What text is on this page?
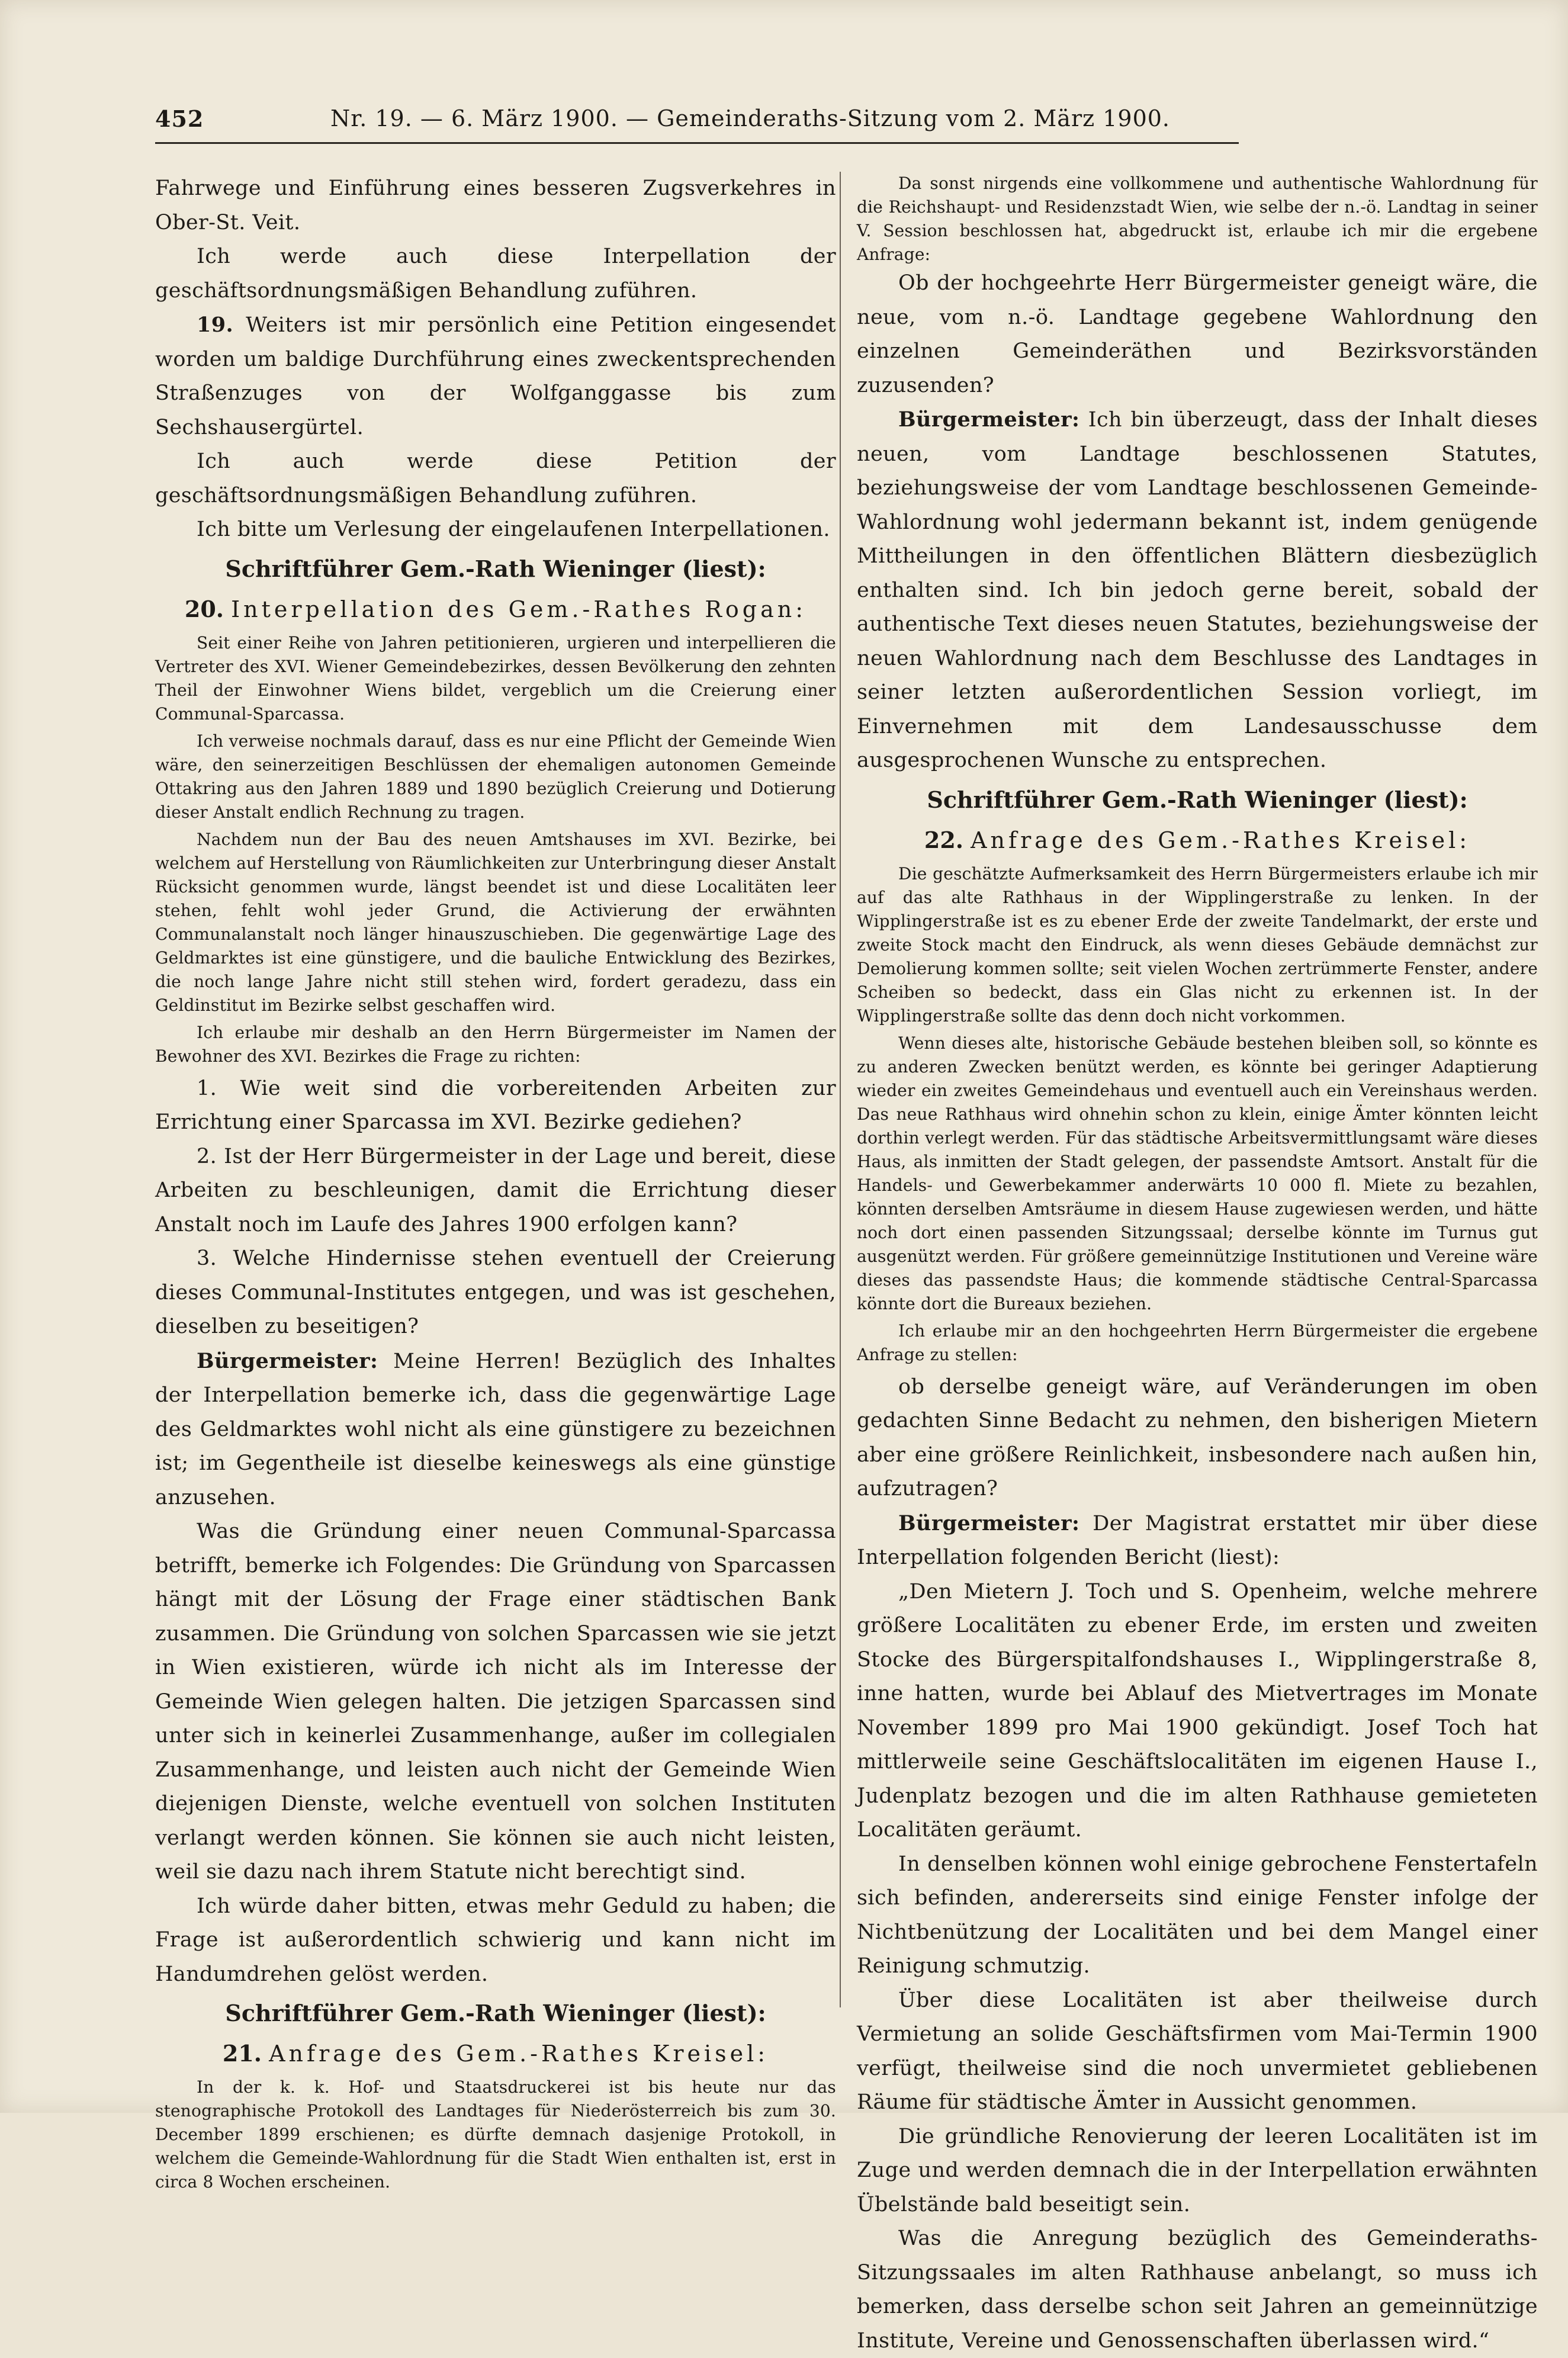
452	Nr. 19. — 6. März 1900. — Gemeinderaths-Sitzung vom 2. März 1900.

Fahrwege und Einführung eines besseren Zugsverkehres in Ober-St. Veit.

Ich werde auch diese Interpellation der geschäftsordnungsmäßigen Behandlung zuführen.

19. Weiters ist mir persönlich eine Petition eingesendet worden um baldige Durchführung eines zweckentsprechenden Straßenzuges von der Wolfganggasse bis zum Sechshausergürtel.

Ich auch werde diese Petition der geschäftsordnungsmäßigen Behandlung zuführen.

Ich bitte um Verlesung der eingelaufenen Interpellationen.

Schriftführer Gem.-Rath Wieninger (liest):
20. Interpellation des Gem.-Rathes Rogan:

Seit einer Reihe von Jahren petitionieren, urgieren und interpellieren die Vertreter des XVI. Wiener Gemeindebezirkes, dessen Bevölkerung den zehnten Theil der Einwohner Wiens bildet, vergeblich um die Creierung einer Communal-Sparcassa.

Ich verweise nochmals darauf, dass es nur eine Pflicht der Gemeinde Wien wäre, den seinerzeitigen Beschlüssen der ehemaligen autonomen Gemeinde Ottakring aus den Jahren 1889 und 1890 bezüglich Creierung und Dotierung dieser Anstalt endlich Rechnung zu tragen.

Nachdem nun der Bau des neuen Amtshauses im XVI. Bezirke, bei welchem auf Herstellung von Räumlichkeiten zur Unterbringung dieser Anstalt Rücksicht genommen wurde, längst beendet ist und diese Localitäten leer stehen, fehlt wohl jeder Grund, die Activierung der erwähnten Communalanstalt noch länger hinauszuschieben. Die gegenwärtige Lage des Geldmarktes ist eine günstigere, und die bauliche Entwicklung des Bezirkes, die noch lange Jahre nicht still stehen wird, fordert geradezu, dass ein Geldinstitut im Bezirke selbst geschaffen wird.

Ich erlaube mir deshalb an den Herrn Bürgermeister im Namen der Bewohner des XVI. Bezirkes die Frage zu richten:

1. Wie weit sind die vorbereitenden Arbeiten zur Errichtung einer Sparcassa im XVI. Bezirke gediehen?

2. Ist der Herr Bürgermeister in der Lage und bereit, diese Arbeiten zu beschleunigen, damit die Errichtung dieser Anstalt noch im Laufe des Jahres 1900 erfolgen kann?

3. Welche Hindernisse stehen eventuell der Creierung dieses Communal-Institutes entgegen, und was ist geschehen, dieselben zu beseitigen?

Bürgermeister: Meine Herren! Bezüglich des Inhaltes der Interpellation bemerke ich, dass die gegenwärtige Lage des Geldmarktes wohl nicht als eine günstigere zu bezeichnen ist; im Gegentheile ist dieselbe keineswegs als eine günstige anzusehen.

Was die Gründung einer neuen Communal-Sparcassa betrifft, bemerke ich Folgendes: Die Gründung von Sparcassen hängt mit der Lösung der Frage einer städtischen Bank zusammen. Die Gründung von solchen Sparcassen wie sie jetzt in Wien existieren, würde ich nicht als im Interesse der Gemeinde Wien gelegen halten. Die jetzigen Sparcassen sind unter sich in keinerlei Zusammenhange, außer im collegialen Zusammenhange, und leisten auch nicht der Gemeinde Wien diejenigen Dienste, welche eventuell von solchen Instituten verlangt werden können. Sie können sie auch nicht leisten, weil sie dazu nach ihrem Statute nicht berechtigt sind.

Ich würde daher bitten, etwas mehr Geduld zu haben; die Frage ist außerordentlich schwierig und kann nicht im Handumdrehen gelöst werden.

Schriftführer Gem.-Rath Wieninger (liest):
21. Anfrage des Gem.-Rathes Kreisel:

In der k. k. Hof- und Staatsdruckerei ist bis heute nur das stenographische Protokoll des Landtages für Niederösterreich bis zum 30. December 1899 erschienen; es dürfte demnach dasjenige Protokoll, in welchem die Gemeinde-Wahlordnung für die Stadt Wien enthalten ist, erst in circa 8 Wochen erscheinen.

Da sonst nirgends eine vollkommene und authentische Wahlordnung für die Reichshaupt- und Residenzstadt Wien, wie selbe der n.-ö. Landtag in seiner V. Session beschlossen hat, abgedruckt ist, erlaube ich mir die ergebene Anfrage:

Ob der hochgeehrte Herr Bürgermeister geneigt wäre, die neue, vom n.-ö. Landtage gegebene Wahlordnung den einzelnen Gemeinderäthen und Bezirksvorständen zuzusenden?

Bürgermeister: Ich bin überzeugt, dass der Inhalt dieses neuen, vom Landtage beschlossenen Statutes, beziehungsweise der vom Landtage beschlossenen Gemeinde-Wahlordnung wohl jedermann bekannt ist, indem genügende Mittheilungen in den öffentlichen Blättern diesbezüglich enthalten sind. Ich bin jedoch gerne bereit, sobald der authentische Text dieses neuen Statutes, beziehungsweise der neuen Wahlordnung nach dem Beschlusse des Landtages in seiner letzten außerordentlichen Session vorliegt, im Einvernehmen mit dem Landesausschusse dem ausgesprochenen Wunsche zu entsprechen.

Schriftführer Gem.-Rath Wieninger (liest):
22. Anfrage des Gem.-Rathes Kreisel:

Die geschätzte Aufmerksamkeit des Herrn Bürgermeisters erlaube ich mir auf das alte Rathhaus in der Wipplingerstraße zu lenken. In der Wipplingerstraße ist es zu ebener Erde der zweite Tandelmarkt, der erste und zweite Stock macht den Eindruck, als wenn dieses Gebäude demnächst zur Demolierung kommen sollte; seit vielen Wochen zertrümmerte Fenster, andere Scheiben so bedeckt, dass ein Glas nicht zu erkennen ist. In der Wipplingerstraße sollte das denn doch nicht vorkommen.

Wenn dieses alte, historische Gebäude bestehen bleiben soll, so könnte es zu anderen Zwecken benützt werden, es könnte bei geringer Adaptierung wieder ein zweites Gemeindehaus und eventuell auch ein Vereinshaus werden. Das neue Rathhaus wird ohnehin schon zu klein, einige Ämter könnten leicht dorthin verlegt werden. Für das städtische Arbeitsvermittlungsamt wäre dieses Haus, als inmitten der Stadt gelegen, der passendste Amtsort. Anstalt für die Handels- und Gewerbekammer anderwärts 10 000 fl. Miete zu bezahlen, könnten derselben Amtsräume in diesem Hause zugewiesen werden, und hätte noch dort einen passenden Sitzungssaal; derselbe könnte im Turnus gut ausgenützt werden. Für größere gemeinnützige Institutionen und Vereine wäre dieses das passendste Haus; die kommende städtische Central-Sparcassa könnte dort die Bureaux beziehen.

Ich erlaube mir an den hochgeehrten Herrn Bürgermeister die ergebene Anfrage zu stellen:

ob derselbe geneigt wäre, auf Veränderungen im oben gedachten Sinne Bedacht zu nehmen, den bisherigen Mietern aber eine größere Reinlichkeit, insbesondere nach außen hin, aufzutragen?

Bürgermeister: Der Magistrat erstattet mir über diese Interpellation folgenden Bericht (liest):

„Den Mietern J. Toch und S. Openheim, welche mehrere größere Localitäten zu ebener Erde, im ersten und zweiten Stocke des Bürgerspitalfondshauses I., Wipplingerstraße 8, inne hatten, wurde bei Ablauf des Mietvertrages im Monate November 1899 pro Mai 1900 gekündigt. Josef Toch hat mittlerweile seine Geschäftslocalitäten im eigenen Hause I., Judenplatz bezogen und die im alten Rathhause gemieteten Localitäten geräumt.

In denselben können wohl einige gebrochene Fenstertafeln sich befinden, andererseits sind einige Fenster infolge der Nichtbenützung der Localitäten und bei dem Mangel einer Reinigung schmutzig.

Über diese Localitäten ist aber theilweise durch Vermietung an solide Geschäftsfirmen vom Mai-Termin 1900 verfügt, theilweise sind die noch unvermietet gebliebenen Räume für städtische Ämter in Aussicht genommen.

Die gründliche Renovierung der leeren Localitäten ist im Zuge und werden demnach die in der Interpellation erwähnten Übelstände bald beseitigt sein.

Was die Anregung bezüglich des Gemeinderaths-Sitzungssaales im alten Rathhause anbelangt, so muss ich bemerken, dass derselbe schon seit Jahren an gemeinnützige Institute, Vereine und Genossenschaften überlassen wird.“
